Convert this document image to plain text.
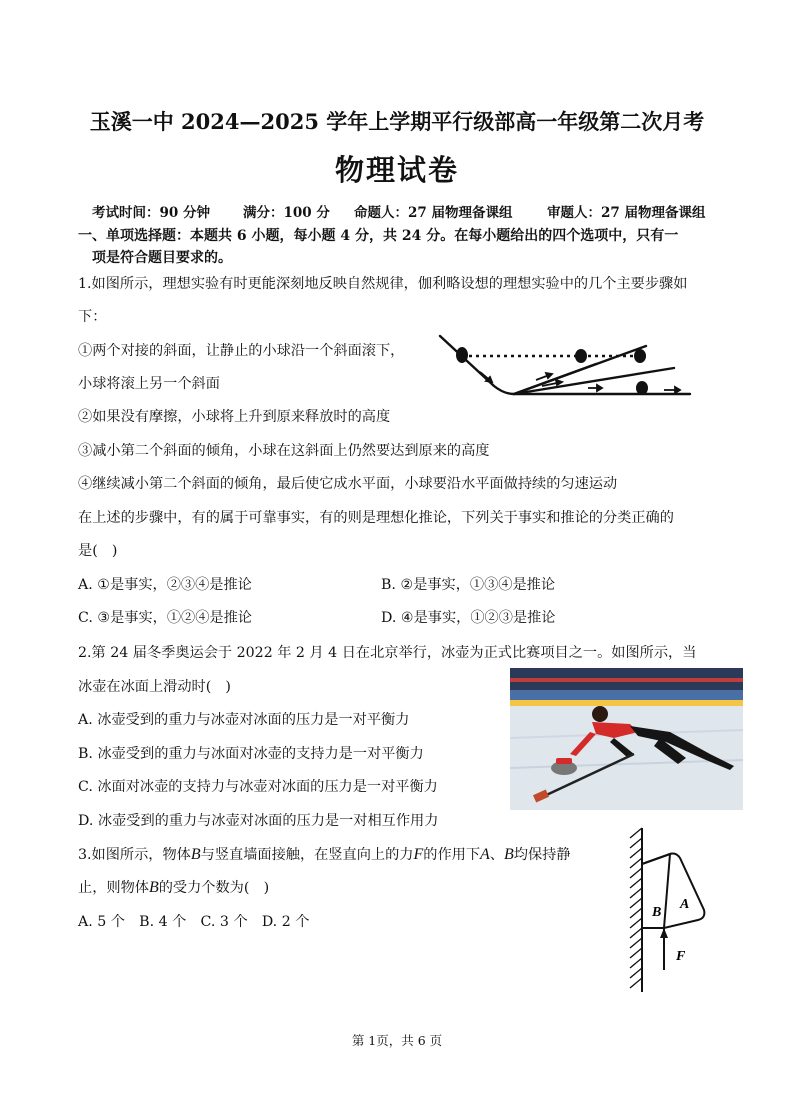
玉溪一中 2024—2025 学年上学期平行级部高一年级第二次月考
物理试卷
考试时间：90 分钟 满分：100 分 命题人：27 届物理备课组	审题人：27 届物理备课组
一、单项选择题：本题共 6 小题，每小题 4 分，共 24 分。在每小题给出的四个选项中，只有一
项是符合题目要求的。
1.如图所示，理想实验有时更能深刻地反映自然规律，伽利略设想的理想实验中的几个主要步骤如
下：
①两个对接的斜面，让静止的小球沿一个斜面滚下，
小球将滚上另一个斜面
②如果没有摩擦，小球将上升到原来释放时的高度
③减小第二个斜面的倾角，小球在这斜面上仍然要达到原来的高度
④继续减小第二个斜面的倾角，最后使它成水平面，小球要沿水平面做持续的匀速运动
在上述的步骤中，有的属于可靠事实，有的则是理想化推论，下列关于事实和推论的分类正确的
是(　)
A. ①是事实，②③④是推论	B. ②是事实，①③④是推论
C. ③是事实，①②④是推论	D. ④是事实，①②③是推论
2.第 24 届冬季奥运会于 2022 年 2 月 4 日在北京举行，冰壶为正式比赛项目之一。如图所示，当
冰壶在冰面上滑动时(　)
A. 冰壶受到的重力与冰壶对冰面的压力是一对平衡力
B. 冰壶受到的重力与冰面对冰壶的支持力是一对平衡力
C. 冰面对冰壶的支持力与冰壶对冰面的压力是一对平衡力
D. 冰壶受到的重力与冰壶对冰面的压力是一对相互作用力
3.如图所示，物体B与竖直墙面接触，在竖直向上的力F的作用下A、B均保持静
止，则物体B的受力个数为(　)
A. 5 个　B. 4 个　C. 3 个　D. 2 个
B
A
F
第 1页，共 6 页
